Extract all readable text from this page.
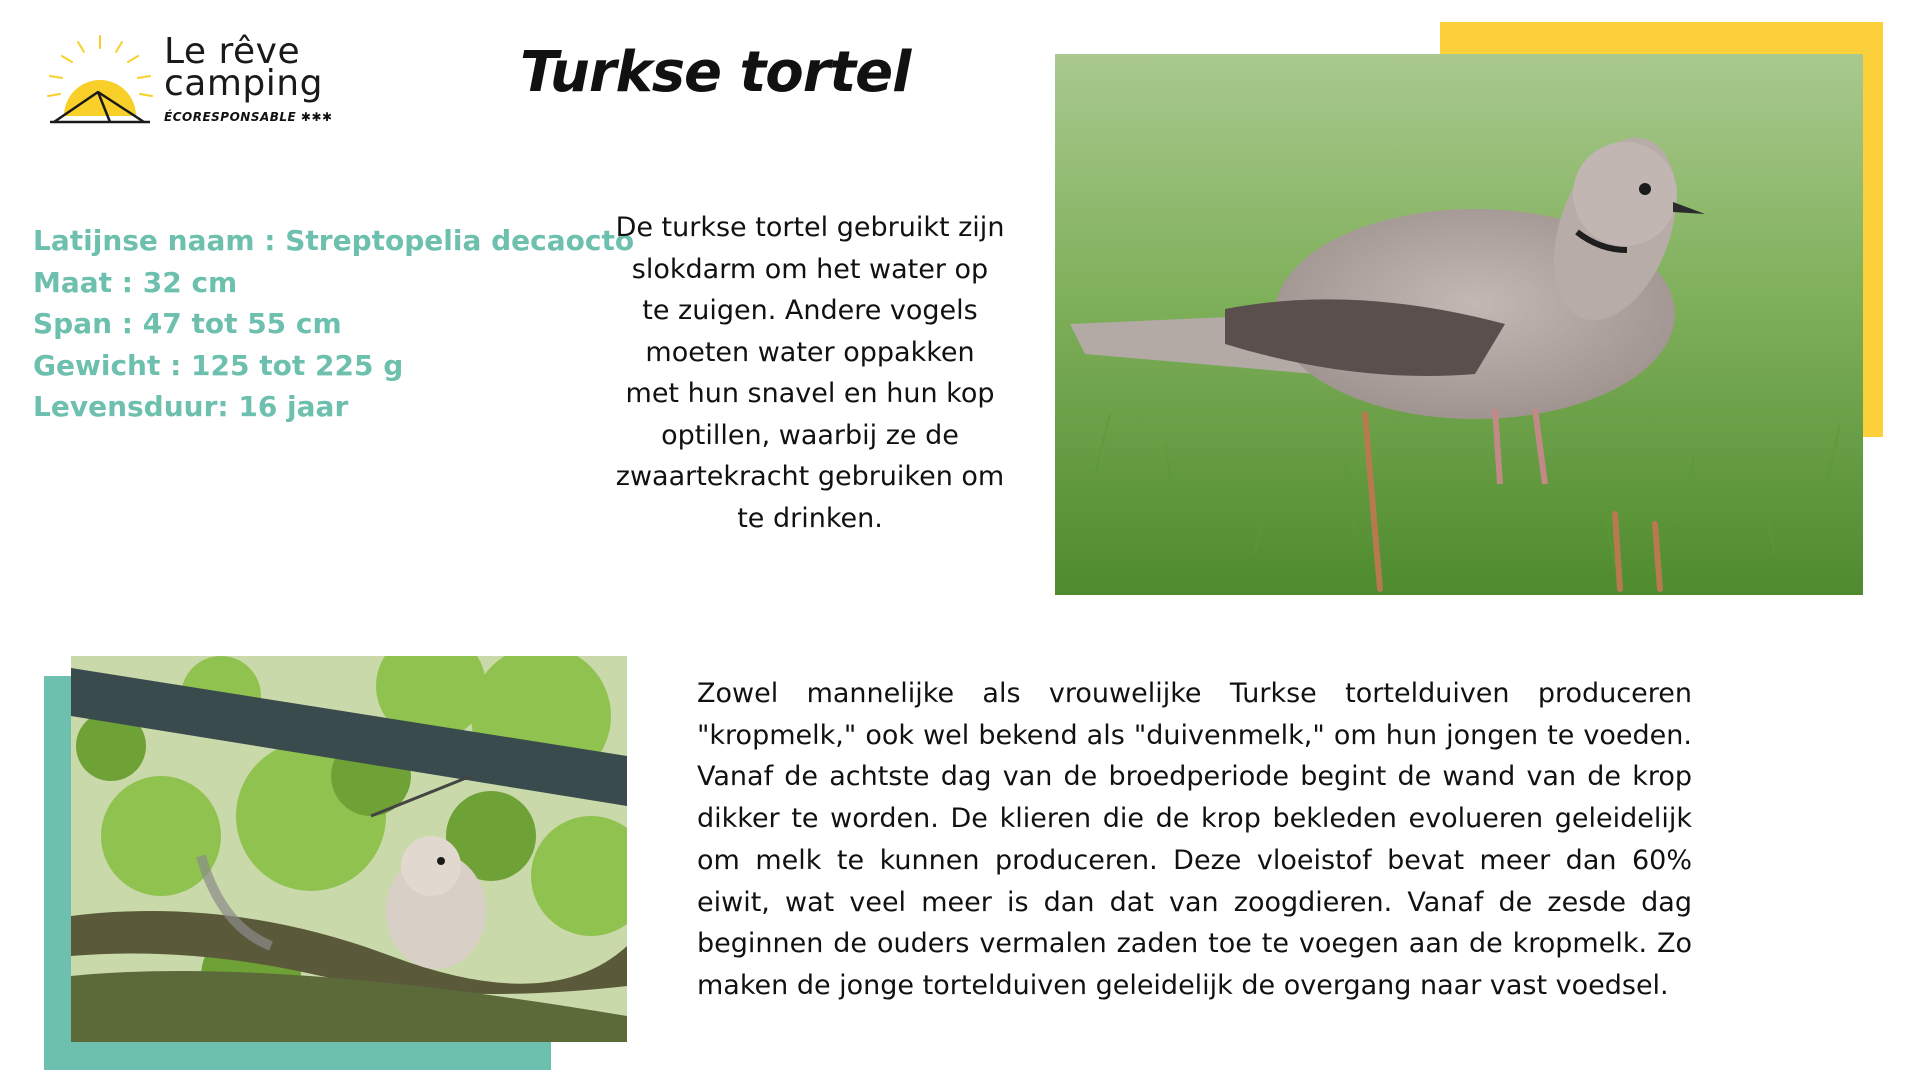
Le rêve
camping
ÉCORESPONSABLE ✱✱✱
Turkse tortel
Latijnse naam : Streptopelia decaocto
Maat : 32 cm
Span : 47 tot 55 cm
Gewicht : 125 tot 225 g
Levensduur: 16 jaar
De turkse tortel gebruikt zijn slokdarm om het water op te zuigen. Andere vogels moeten water oppakken met hun snavel en hun kop optillen, waarbij ze de zwaartekracht gebruiken om te drinken.
Zowel mannelijke als vrouwelijke Turkse tortelduiven produceren "kropmelk," ook wel bekend als "duivenmelk," om hun jongen te voeden. Vanaf de achtste dag van de broedperiode begint de wand van de krop dikker te worden. De klieren die de krop bekleden evolueren geleidelijk om melk te kunnen produceren. Deze vloeistof bevat meer dan 60% eiwit, wat veel meer is dan dat van zoogdieren. Vanaf de zesde dag beginnen de ouders vermalen zaden toe te voegen aan de kropmelk. Zo maken de jonge tortelduiven geleidelijk de overgang naar vast voedsel.
